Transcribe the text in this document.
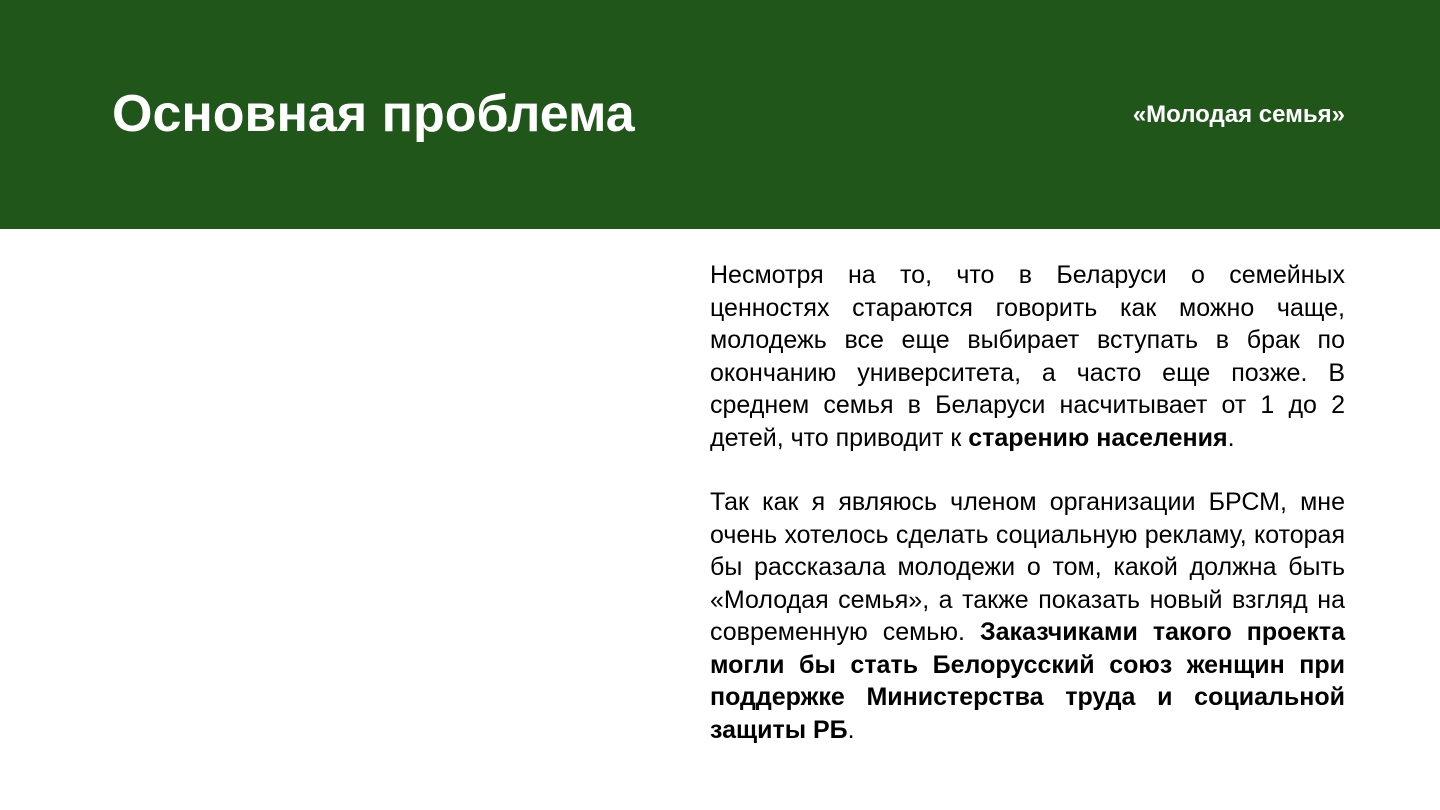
Основная проблема	«Молодая семья»

Несмотря на то, что в Беларуси о семейных ценностях стараются говорить как можно чаще, молодежь все еще выбирает вступать в брак по окончанию университета, а часто еще позже. В среднем семья в Беларуси насчитывает от 1 до 2 детей, что приводит к старению населения.

Так как я являюсь членом организации БРСМ, мне очень хотелось сделать социальную рекламу, которая бы рассказала молодежи о том, какой должна быть «Молодая семья», а также показать новый взгляд на современную семью. Заказчиками такого проекта могли бы стать Белорусский союз женщин при поддержке Министерства труда и социальной защиты РБ.
